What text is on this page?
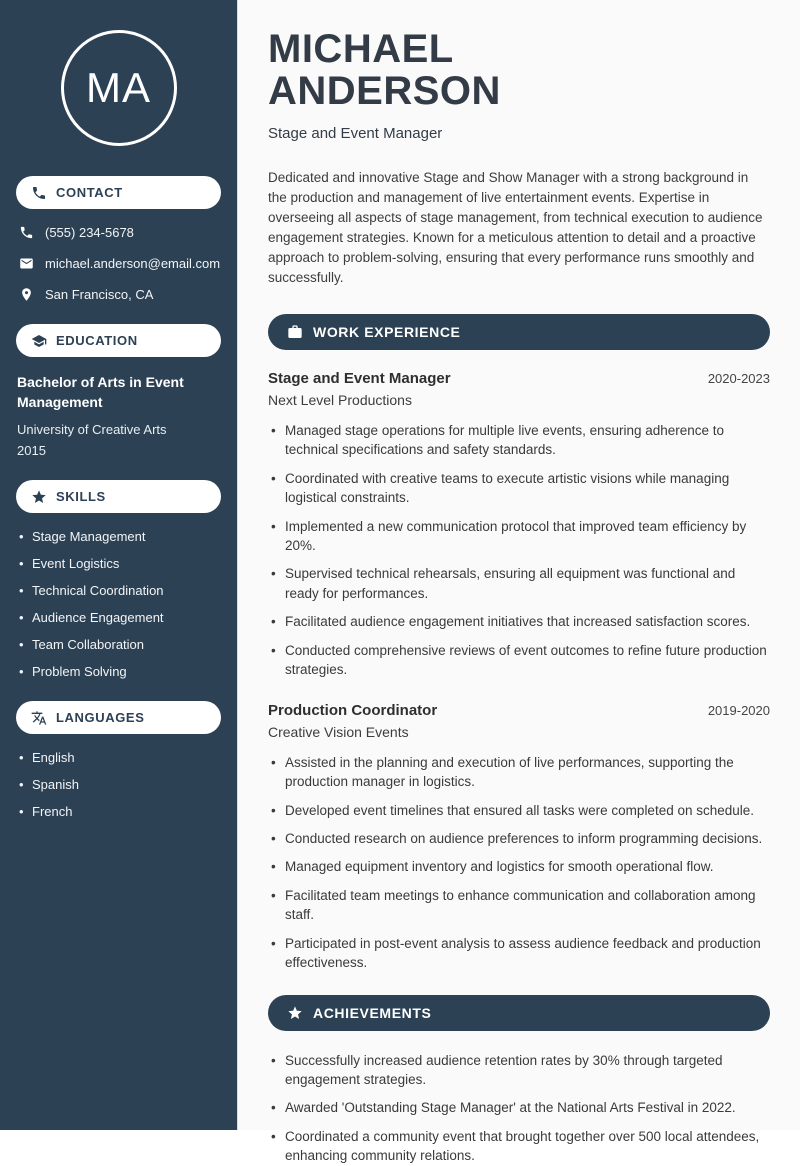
MA
CONTACT
(555) 234-5678
michael.anderson@email.com
San Francisco, CA
EDUCATION
Bachelor of Arts in Event Management
University of Creative Arts
2015
SKILLS
• Stage Management
• Event Logistics
• Technical Coordination
• Audience Engagement
• Team Collaboration
• Problem Solving
LANGUAGES
• English
• Spanish
• French
MICHAEL
ANDERSON
Stage and Event Manager

Dedicated and innovative Stage and Show Manager with a strong background in the production and management of live entertainment events. Expertise in overseeing all aspects of stage management, from technical execution to audience engagement strategies. Known for a meticulous attention to detail and a proactive approach to problem-solving, ensuring that every performance runs smoothly and successfully.

WORK EXPERIENCE
Stage and Event Manager	2020-2023
Next Level Productions
• Managed stage operations for multiple live events, ensuring adherence to technical specifications and safety standards.
• Coordinated with creative teams to execute artistic visions while managing logistical constraints.
• Implemented a new communication protocol that improved team efficiency by 20%.
• Supervised technical rehearsals, ensuring all equipment was functional and ready for performances.
• Facilitated audience engagement initiatives that increased satisfaction scores.
• Conducted comprehensive reviews of event outcomes to refine future production strategies.
Production Coordinator	2019-2020
Creative Vision Events
• Assisted in the planning and execution of live performances, supporting the production manager in logistics.
• Developed event timelines that ensured all tasks were completed on schedule.
• Conducted research on audience preferences to inform programming decisions.
• Managed equipment inventory and logistics for smooth operational flow.
• Facilitated team meetings to enhance communication and collaboration among staff.
• Participated in post-event analysis to assess audience feedback and production effectiveness.
ACHIEVEMENTS
• Successfully increased audience retention rates by 30% through targeted engagement strategies.
• Awarded 'Outstanding Stage Manager' at the National Arts Festival in 2022.
• Coordinated a community event that brought together over 500 local attendees, enhancing community relations.
